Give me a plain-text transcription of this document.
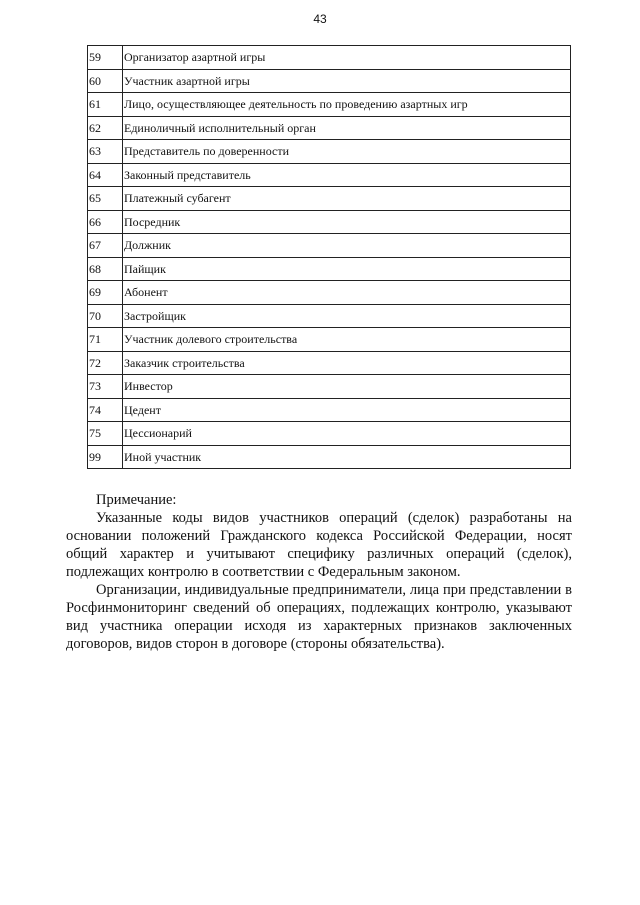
43
59	Организатор азартной игры
60	Участник азартной игры
61	Лицо, осуществляющее деятельность по проведению азартных игр
62	Единоличный исполнительный орган
63	Представитель по доверенности
64	Законный представитель
65	Платежный субагент
66	Посредник
67	Должник
68	Пайщик
69	Абонент
70	Застройщик
71	Участник долевого строительства
72	Заказчик строительства
73	Инвестор
74	Цедент
75	Цессионарий
99	Иной участник

Примечание:

Указанные коды видов участников операций (сделок) разработаны на основании положений Гражданского кодекса Российской Федерации, носят общий характер и учитывают специфику различных операций (сделок), подлежащих контролю в соответствии с Федеральным законом.

Организации, индивидуальные предприниматели, лица при представлении в Росфинмониторинг сведений об операциях, подлежащих контролю, указывают вид участника операции исходя из характерных признаков заключенных договоров, видов сторон в договоре (стороны обязательства).
